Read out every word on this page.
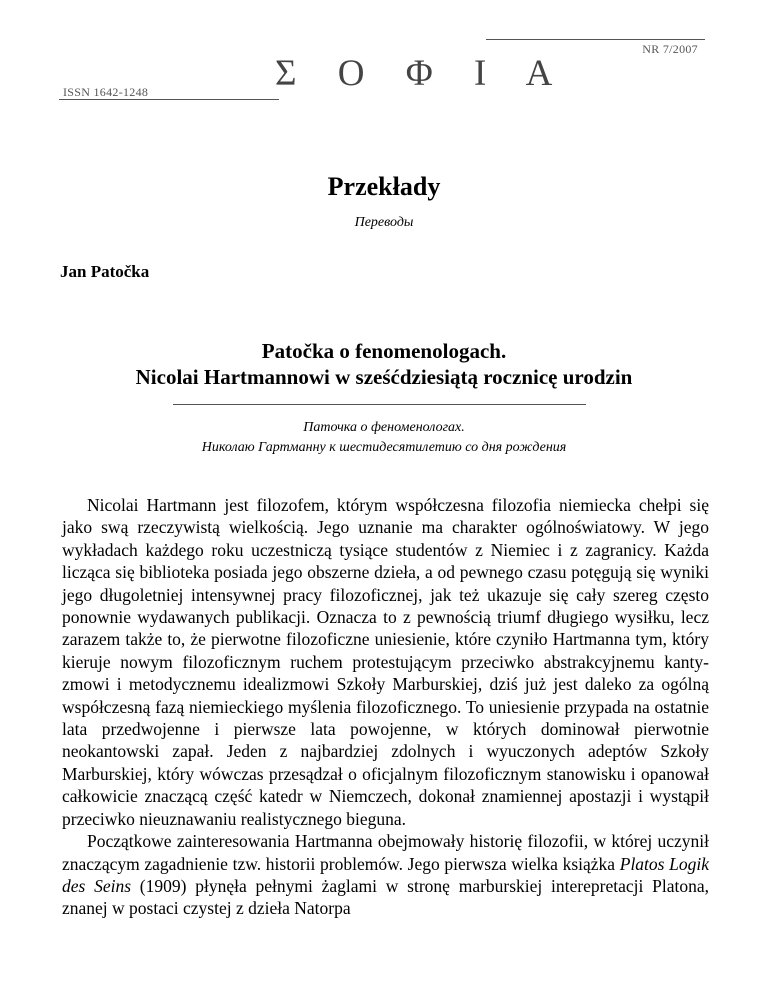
NR 7/2007
Σ Ο Φ Ι Α
ISSN 1642-1248
Przekłady
Переводы
Jan Patočka
Patočka o fenomenologach.
Nicolai Hartmannowi w sześćdziesiątą rocznicę urodzin
Паточка о феноменологах.
Николаю Гартманну к шестидесятилетию со дня рождения

Nicolai Hartmann jest filozofem, którym współczesna filozofia niemiecka chełpi się jako swą rzeczywistą wielkością. Jego uznanie ma charakter ogólnoświatowy. W jego wykładach każdego roku uczestniczą tysiące studentów z Niemiec i z zagranicy. Każda licząca się biblioteka posiada jego obszerne dzieła, a od pewnego czasu potęgują się wyniki jego długoletniej intensywnej pracy filozoficznej, jak też ukazuje się cały szereg często ponownie wydawanych publikacji. Oznacza to z pewnością triumf długiego wysiłku, lecz zarazem także to, że pierwotne filozoficzne uniesienie, które czyniło Hartmanna tym, który kieruje nowym filozoficznym ruchem protestującym przeciwko abstrakcyjnemu kantyzmowi i metodycznemu idealizmowi Szkoły Marburskiej, dziś już jest daleko za ogólną współczesną fazą niemieckiego myślenia filozoficznego. To uniesienie przypada na ostatnie lata przedwojenne i pierwsze lata powojenne, w których dominował pierwotnie neokantowski zapał. Jeden z najbardziej zdolnych i wyuczonych adeptów Szkoły Marburskiej, który wówczas przesądzał o oficjalnym filozoficznym stanowisku i opanował całkowicie znaczącą część katedr w Niemczech, dokonał znamiennej apostazji i wystąpił przeciwko nieuznawaniu realistycznego bieguna.

Początkowe zainteresowania Hartmanna obejmowały historię filozofii, w której uczynił znaczącym zagadnienie tzw. historii problemów. Jego pierwsza wielka książka Platos Logik des Seins (1909) płynęła pełnymi żaglami w stronę marburskiej interepretacji Platona, znanej w postaci czystej z dzieła Natorpa
